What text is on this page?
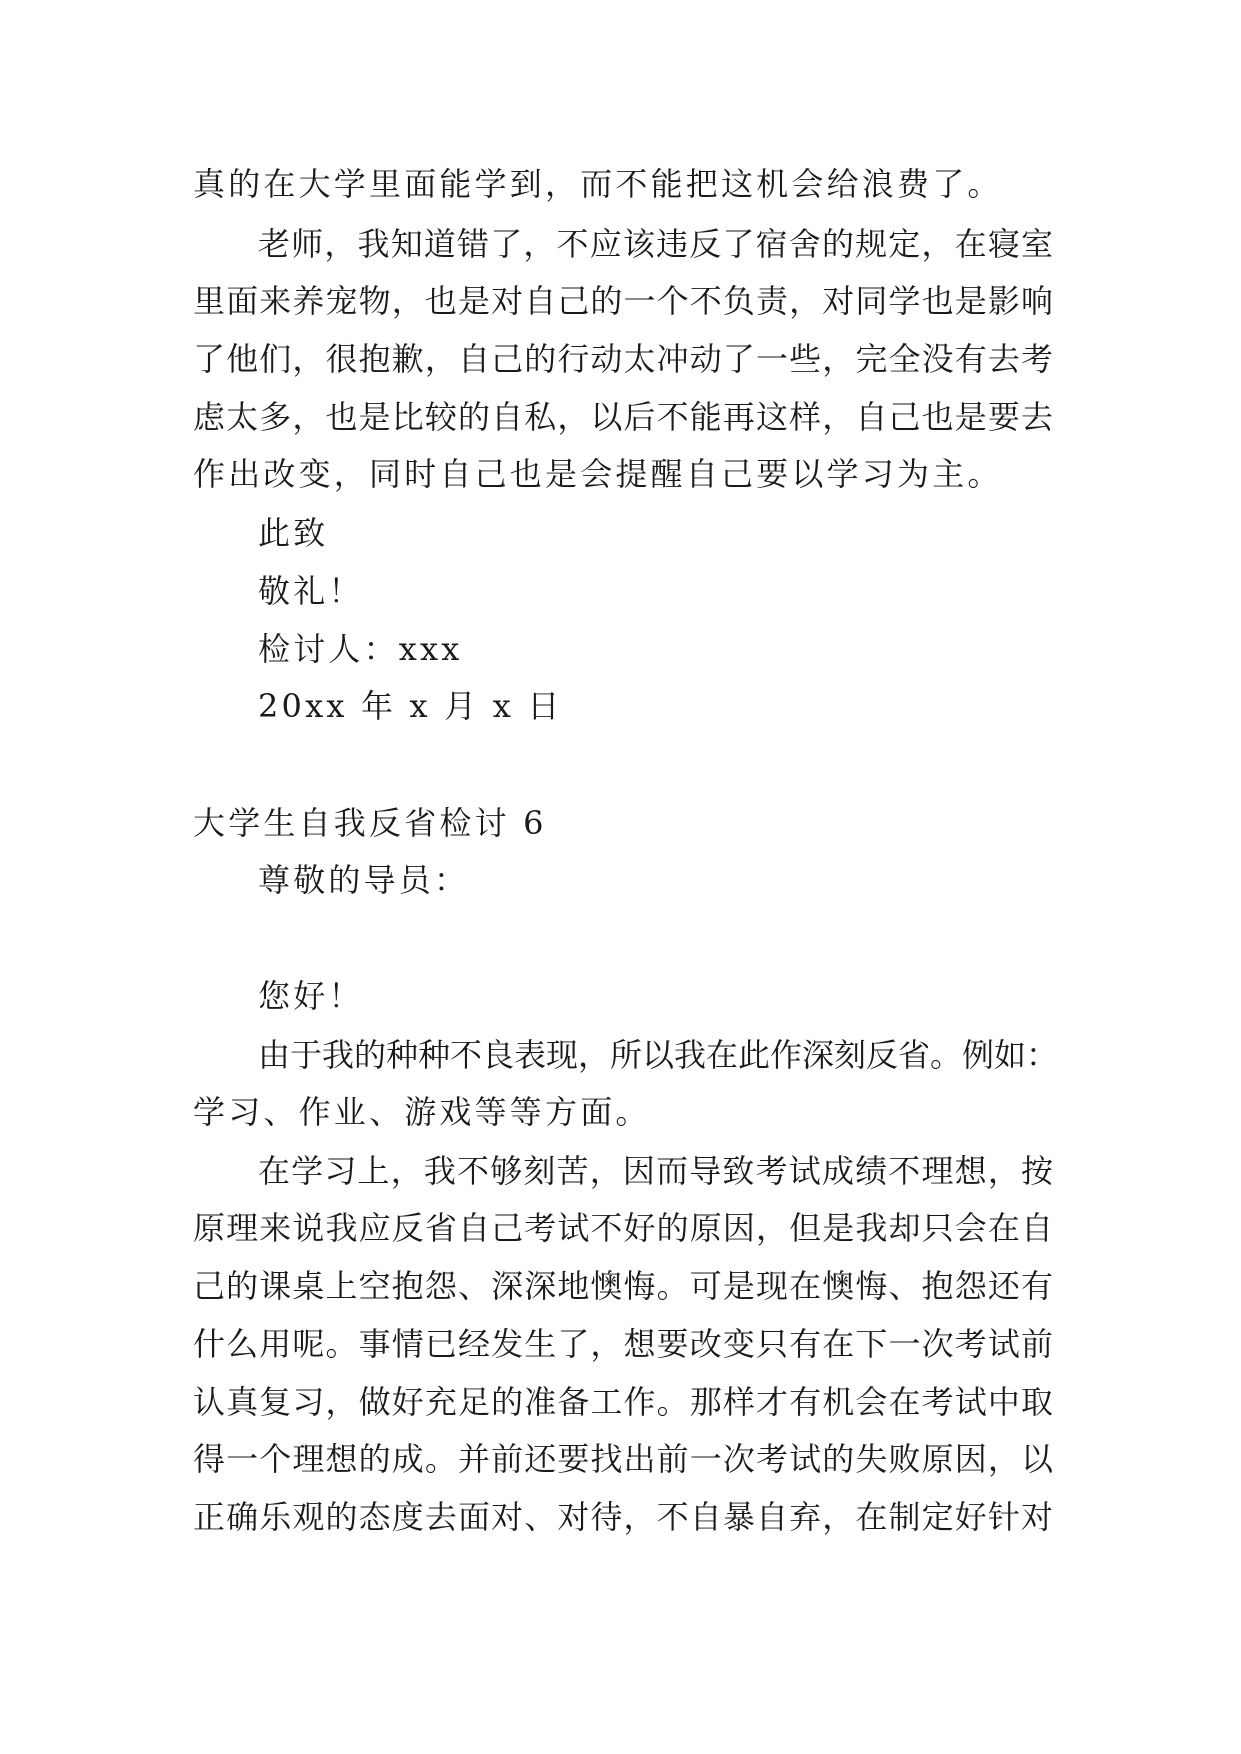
真的在大学里面能学到，而不能把这机会给浪费了。
老师，我知道错了，不应该违反了宿舍的规定，在寝室
里面来养宠物，也是对自己的一个不负责，对同学也是影响
了他们，很抱歉，自己的行动太冲动了一些，完全没有去考
虑太多，也是比较的自私，以后不能再这样，自己也是要去
作出改变，同时自己也是会提醒自己要以学习为主。
此致
敬礼！
检讨人：xxx
20xx 年 x 月 x 日
大学生自我反省检讨 6
尊敬的导员：
您好！
由于我的种种不良表现，所以我在此作深刻反省。例如：
学习、作业、游戏等等方面。
在学习上，我不够刻苦，因而导致考试成绩不理想，按
原理来说我应反省自己考试不好的原因，但是我却只会在自
己的课桌上空抱怨、深深地懊悔。可是现在懊悔、抱怨还有
什么用呢。事情已经发生了，想要改变只有在下一次考试前
认真复习，做好充足的准备工作。那样才有机会在考试中取
得一个理想的成。并前还要找出前一次考试的失败原因，以
正确乐观的态度去面对、对待，不自暴自弃，在制定好针对
